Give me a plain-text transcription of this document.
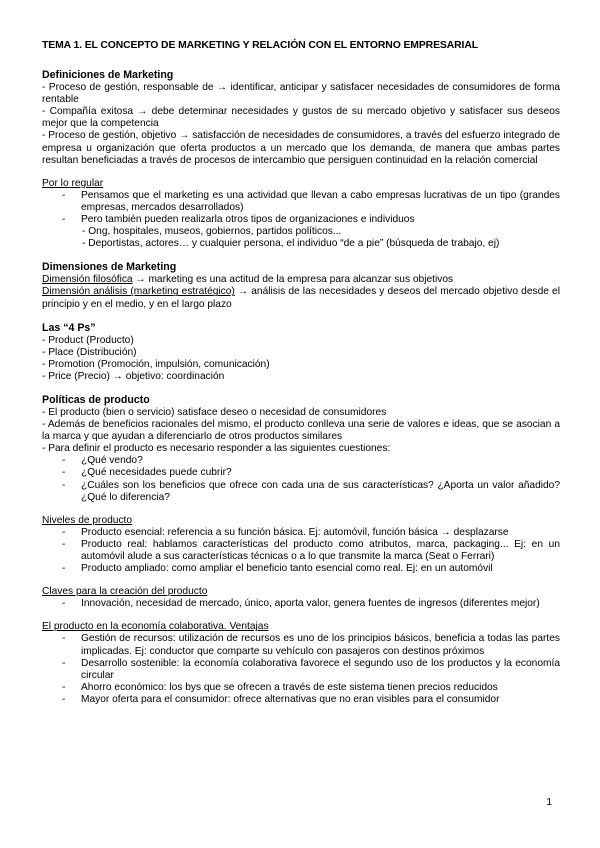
TEMA 1. EL CONCEPTO DE MARKETING Y RELACIÓN CON EL ENTORNO EMPRESARIAL
Definiciones de Marketing

- Proceso de gestión, responsable de → identificar, anticipar y satisfacer necesidades de consumidores de forma rentable

- Compañía exitosa → debe determinar necesidades y gustos de su mercado objetivo y satisfacer sus deseos mejor que la competencia

- Proceso de gestión, objetivo → satisfacción de necesidades de consumidores, a través del esfuerzo integrado de empresa u organización que oferta productos a un mercado que los demanda, de manera que ambas partes resultan beneficiadas a través de procesos de intercambio que persiguen continuidad en la relación comercial

Por lo regular

- Pensamos que el marketing es una actividad que llevan a cabo empresas lucrativas de un tipo (grandes empresas, mercados desarrollados)
- Pero también pueden realizarla otros tipos de organizaciones e individuos

- Ong, hospitales, museos, gobiernos, partidos políticos...

- Deportistas, actores… y cualquier persona, el individuo “de a pie” (búsqueda de trabajo, ej)

Dimensiones de Marketing

Dimensión filosófica → marketing es una actitud de la empresa para alcanzar sus objetivos

Dimensión análisis (marketing estratégico) → análisis de las necesidades y deseos del mercado objetivo desde el principio y en el medio, y en el largo plazo

Las “4 Ps”

- Product (Producto)

- Place (Distribución)

- Promotion (Promoción, impulsión, comunicación)

- Price (Precio) → objetivo: coordinación

Políticas de producto

- El producto (bien o servicio) satisface deseo o necesidad de consumidores

- Además de beneficios racionales del mismo, el producto conlleva una serie de valores e ideas, que se asocian a la marca y que ayudan a diferenciarlo de otros productos similares

- Para definir el producto es necesario responder a las siguientes cuestiones:

- ¿Qué vendo?
- ¿Qué necesidades puede cubrir?
- ¿Cuáles son los beneficios que ofrece con cada una de sus características? ¿Aporta un valor añadido?¿Qué lo diferencia?

Niveles de producto

- Producto esencial: referencia a su función básica. Ej: automóvil, función básica → desplazarse
- Producto real: hablamos características del producto como atributos, marca, packaging... Ej: en un automóvil alude a sus características técnicas o a lo que transmite la marca (Seat o Ferrari)
- Producto ampliado: como ampliar el beneficio tanto esencial como real. Ej: en un automóvil

Claves para la creación del producto

- Innovación, necesidad de mercado, único, aporta valor, genera fuentes de ingresos (diferentes mejor)

El producto en la economía colaborativa. Ventajas

- Gestión de recursos: utilización de recursos es uno de los principios básicos, beneficia a todas las partes implicadas. Ej: conductor que comparte su vehículo con pasajeros con destinos próximos
- Desarrollo sostenible: la economía colaborativa favorece el segundo uso de los productos y la economía circular
- Ahorro económico: los bys que se ofrecen a través de este sistema tienen precios reducidos
- Mayor oferta para el consumidor: ofrece alternativas que no eran visibles para el consumidor
1
